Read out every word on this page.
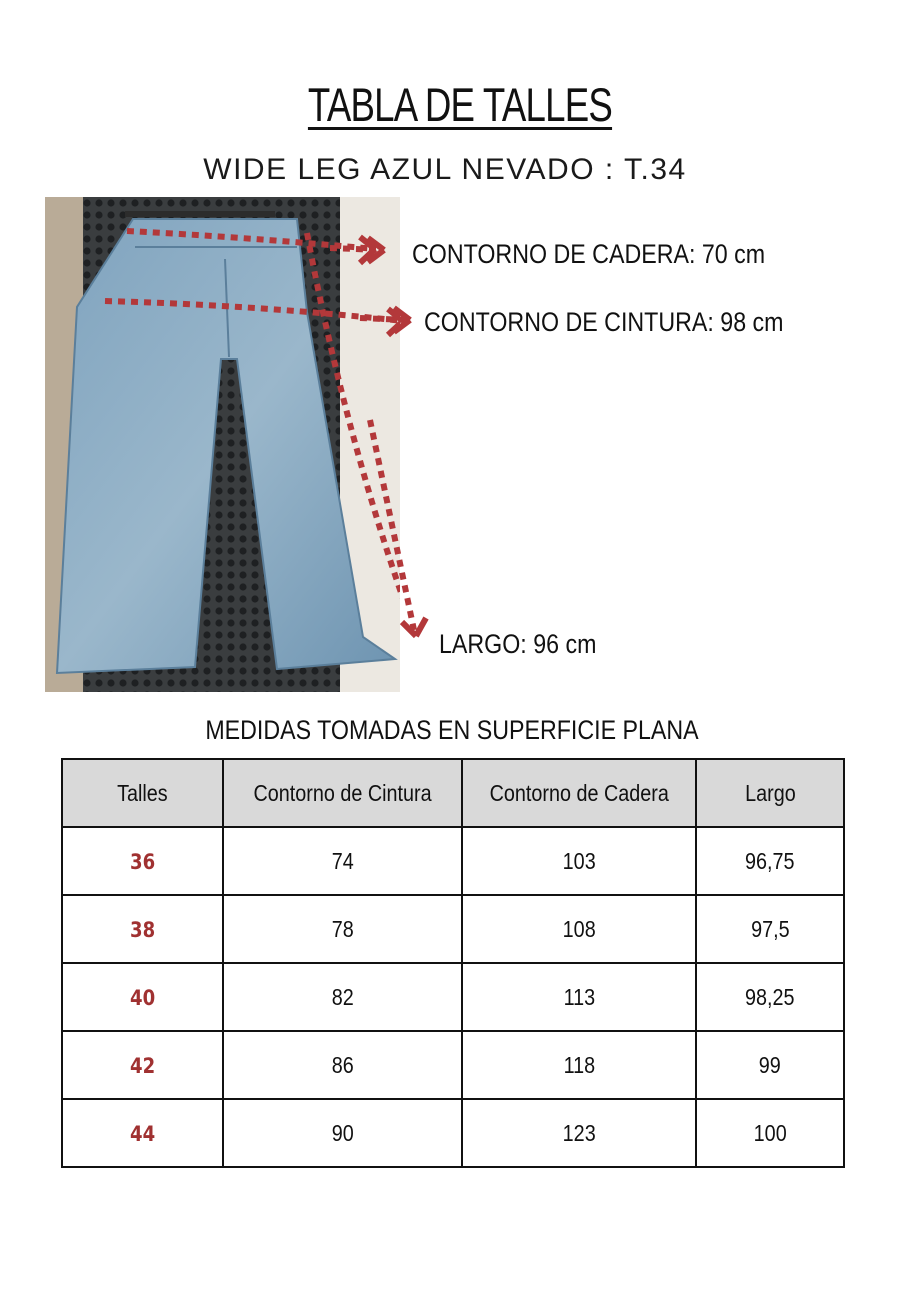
TABLA DE TALLES
WIDE LEG AZUL NEVADO : T.34
CONTORNO DE CADERA: 70 cm
CONTORNO DE CINTURA: 98 cm
LARGO: 96 cm
MEDIDAS TOMADAS EN SUPERFICIE PLANA
Talles	Contorno de Cintura	Contorno de Cadera	Largo
36	74	103	96,75
38	78	108	97,5
40	82	113	98,25
42	86	118	99
44	90	123	100
